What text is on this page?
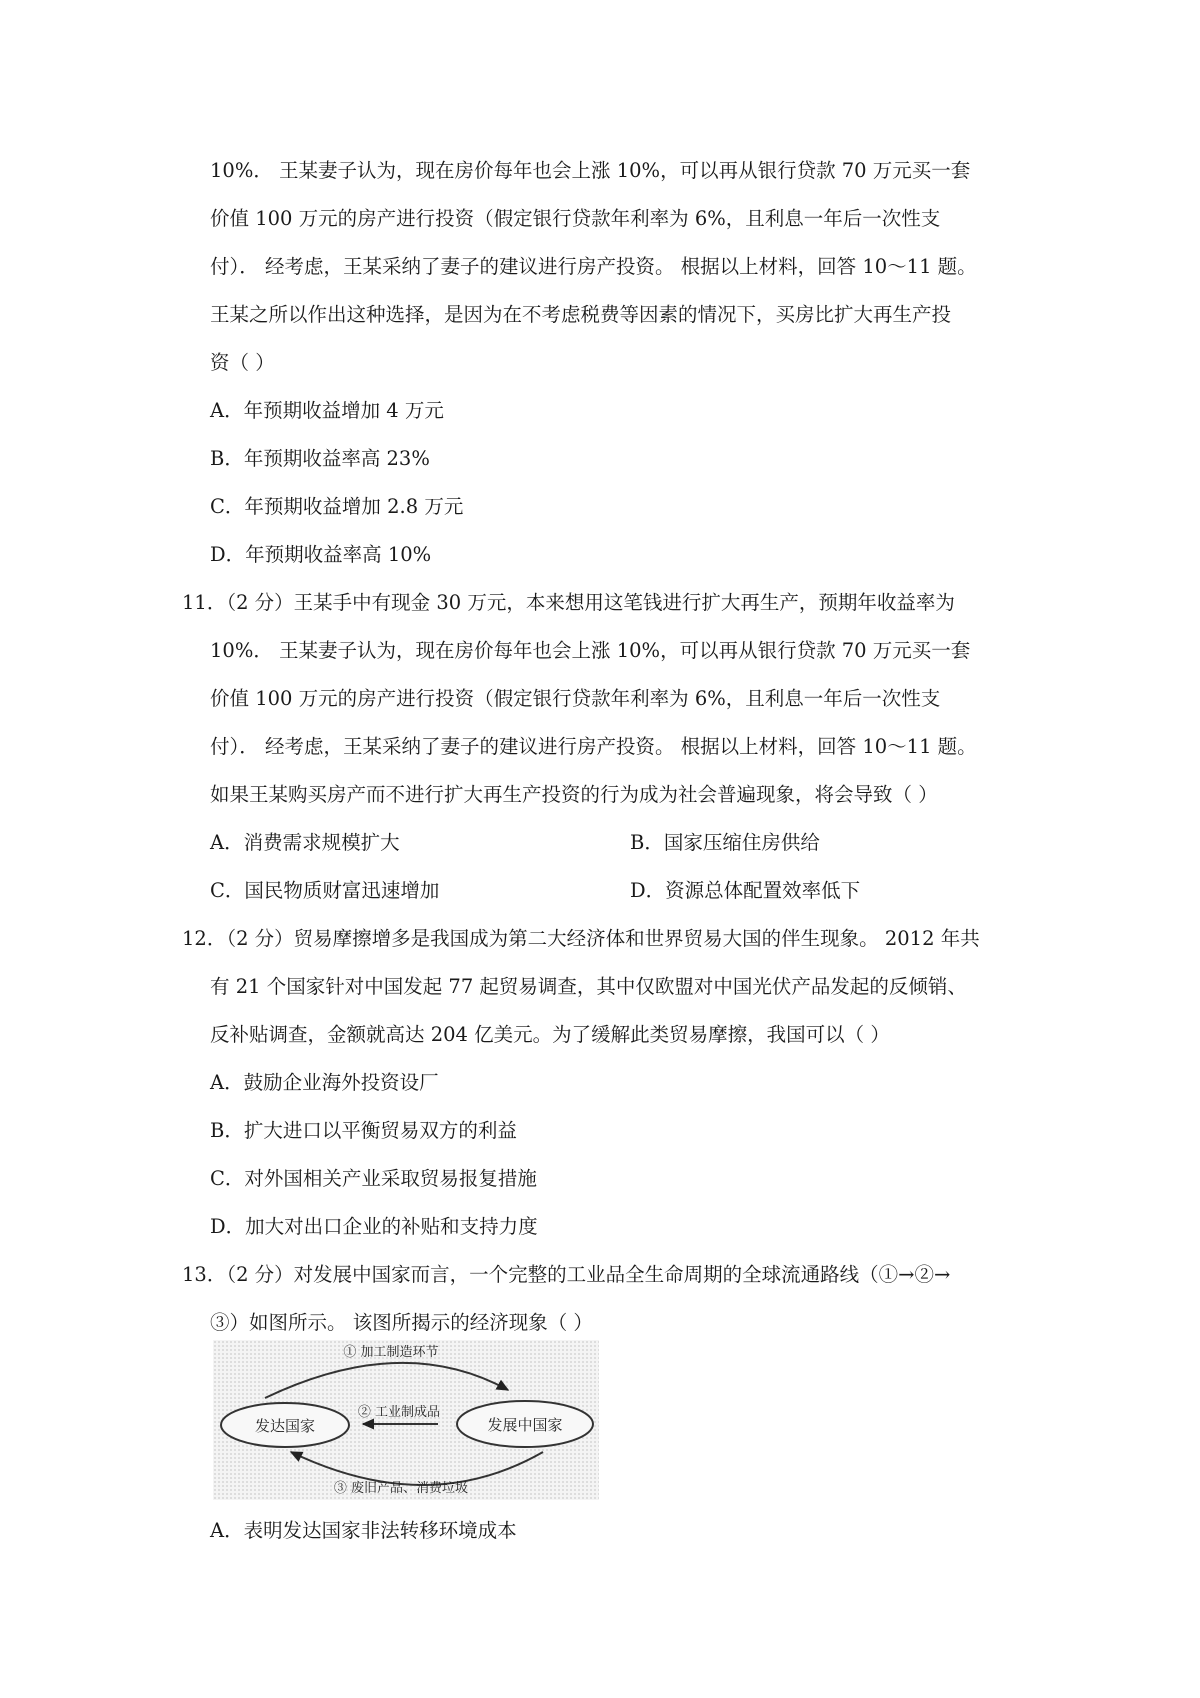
10%． 王某妻子认为，现在房价每年也会上涨 10%，可以再从银行贷款 70 万元买一套
价值 100 万元的房产进行投资（假定银行贷款年利率为 6%，且利息一年后一次性支
付）． 经考虑，王某采纳了妻子的建议进行房产投资。 根据以上材料，回答 10～11 题。
王某之所以作出这种选择，是因为在不考虑税费等因素的情况下，买房比扩大再生产投
资（ ）
A．年预期收益增加 4 万元
B．年预期收益率高 23%
C．年预期收益增加 2.8 万元
D．年预期收益率高 10%
11．（2 分）王某手中有现金 30 万元，本来想用这笔钱进行扩大再生产，预期年收益率为
10%． 王某妻子认为，现在房价每年也会上涨 10%，可以再从银行贷款 70 万元买一套
价值 100 万元的房产进行投资（假定银行贷款年利率为 6%，且利息一年后一次性支
付）． 经考虑，王某采纳了妻子的建议进行房产投资。 根据以上材料，回答 10～11 题。
如果王某购买房产而不进行扩大再生产投资的行为成为社会普遍现象，将会导致（ ）
A．消费需求规模扩大	B．国家压缩住房供给
C．国民物质财富迅速增加	D．资源总体配置效率低下
12．（2 分）贸易摩擦增多是我国成为第二大经济体和世界贸易大国的伴生现象。 2012 年共
有 21 个国家针对中国发起 77 起贸易调查，其中仅欧盟对中国光伏产品发起的反倾销、
反补贴调查，金额就高达 204 亿美元。为了缓解此类贸易摩擦，我国可以（ ）
A．鼓励企业海外投资设厂
B．扩大进口以平衡贸易双方的利益
C．对外国相关产业采取贸易报复措施
D．加大对出口企业的补贴和支持力度
13．（2 分）对发展中国家而言，一个完整的工业品全生命周期的全球流通路线（①→②→
③）如图所示。 该图所揭示的经济现象（ ）
发达国家	发展中国家
① 加工制造环节
② 工业制成品
③ 废旧产品、消费垃圾
A．表明发达国家非法转移环境成本
